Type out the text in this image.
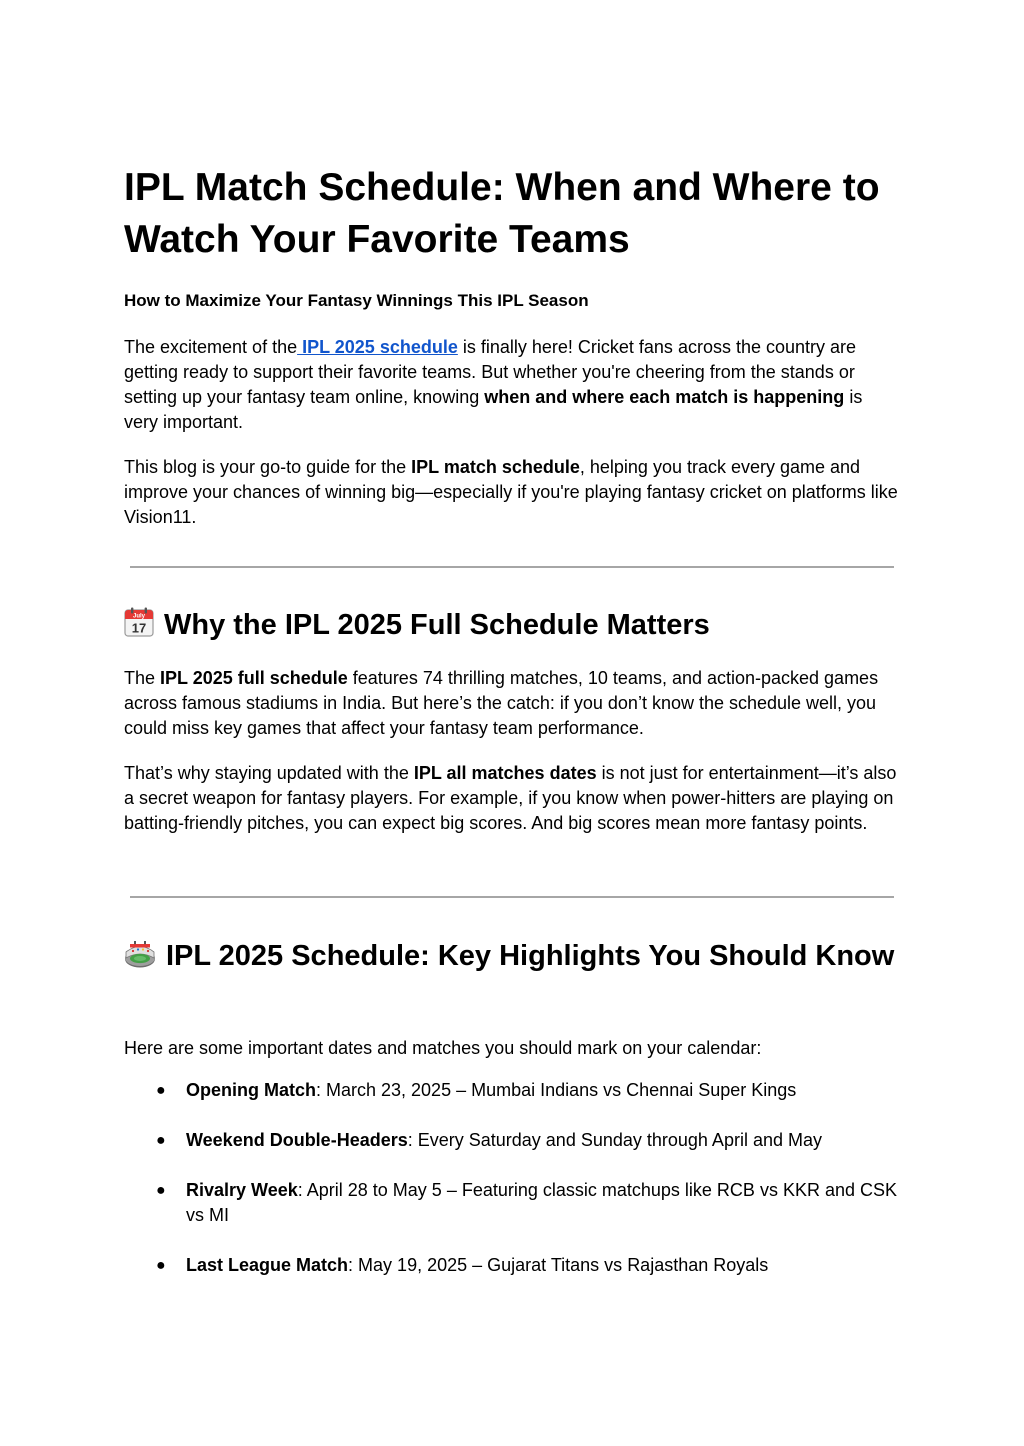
IPL Match Schedule: When and Where to Watch Your Favorite Teams
How to Maximize Your Fantasy Winnings This IPL Season

The excitement of the IPL 2025 schedule is finally here! Cricket fans across the country are getting ready to support their favorite teams. But whether you're cheering from the stands or setting up your fantasy team online, knowing when and where each match is happening is very important.

This blog is your go-to guide for the IPL match schedule, helping you track every game and improve your chances of winning big—especially if you're playing fantasy cricket on platforms like Vision11.

July
17 Why the IPL 2025 Full Schedule Matters

The IPL 2025 full schedule features 74 thrilling matches, 10 teams, and action-packed games across famous stadiums in India. But here’s the catch: if you don’t know the schedule well, you could miss key games that affect your fantasy team performance.

That’s why staying updated with the IPL all matches dates is not just for entertainment—it’s also a secret weapon for fantasy players. For example, if you know when power-hitters are playing on batting-friendly pitches, you can expect big scores. And big scores mean more fantasy points.

IPL 2025 Schedule: Key Highlights You Should Know

Here are some important dates and matches you should mark on your calendar:

● Opening Match: March 23, 2025 – Mumbai Indians vs Chennai Super Kings
● Weekend Double-Headers: Every Saturday and Sunday through April and May
● Rivalry Week: April 28 to May 5 – Featuring classic matchups like RCB vs KKR and CSK vs MI
● Last League Match: May 19, 2025 – Gujarat Titans vs Rajasthan Royals
